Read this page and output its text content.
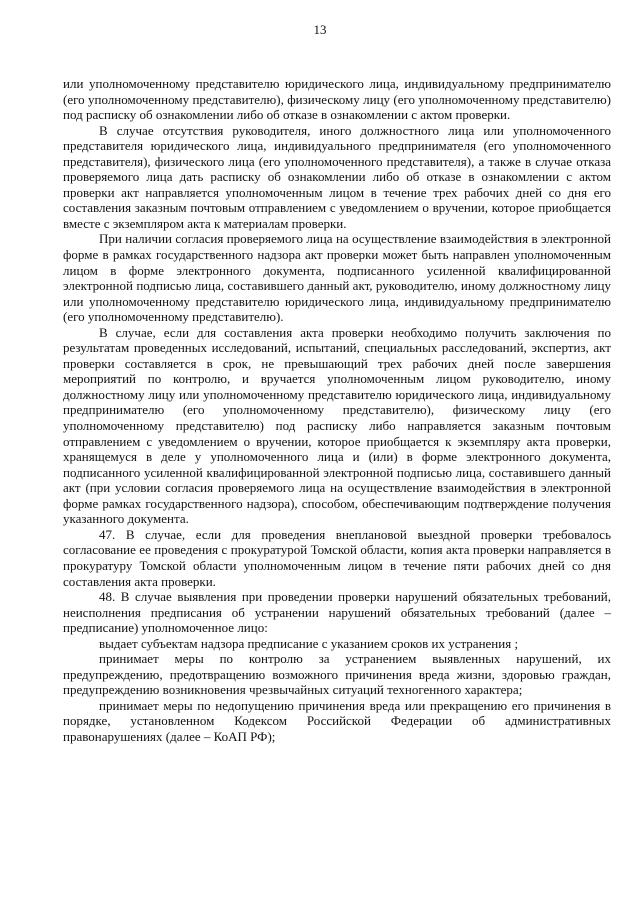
13

или уполномоченному представителю юридического лица, индивидуальному предпринимателю (его уполномоченному представителю), физическому лицу (его уполномоченному представителю) под расписку об ознакомлении либо об отказе в ознакомлении с актом проверки.

В случае отсутствия руководителя, иного должностного лица или уполномоченного представителя юридического лица, индивидуального предпринимателя (его уполномоченного представителя), физического лица (его уполномоченного представителя), а также в случае отказа проверяемого лица дать расписку об ознакомлении либо об отказе в ознакомлении с актом проверки акт направляется уполномоченным лицом в течение трех рабочих дней со дня его составления заказным почтовым отправлением с уведомлением о вручении, которое приобщается вместе с экземпляром акта к материалам проверки.

При наличии согласия проверяемого лица на осуществление взаимодействия в электронной форме в рамках государственного надзора акт проверки может быть направлен уполномоченным лицом в форме электронного документа, подписанного усиленной квалифицированной электронной подписью лица, составившего данный акт, руководителю, иному должностному лицу или уполномоченному представителю юридического лица, индивидуальному предпринимателю (его уполномоченному представителю).

В случае, если для составления акта проверки необходимо получить заключения по результатам проведенных исследований, испытаний, специальных расследований, экспертиз, акт проверки составляется в срок, не превышающий трех рабочих дней после завершения мероприятий по контролю, и вручается уполномоченным лицом руководителю, иному должностному лицу или уполномоченному представителю юридического лица, индивидуальному предпринимателю (его уполномоченному представителю), физическому лицу (его уполномоченному представителю) под расписку либо направляется заказным почтовым отправлением с уведомлением о вручении, которое приобщается к экземпляру акта проверки, хранящемуся в деле у уполномоченного лица и (или) в форме электронного документа, подписанного усиленной квалифицированной электронной подписью лица, составившего данный акт (при условии согласия проверяемого лица на осуществление взаимодействия в электронной форме рамках государственного надзора), способом, обеспечивающим подтверждение получения указанного документа.

47. В случае, если для проведения внеплановой выездной проверки требовалось согласование ее проведения с прокуратурой Томской области, копия акта проверки направляется в прокуратуру Томской области уполномоченным лицом в течение пяти рабочих дней со дня составления акта проверки.

48. В случае выявления при проведении проверки нарушений обязательных требований, неисполнения предписания об устранении нарушений обязательных требований (далее – предписание) уполномоченное лицо:

выдает субъектам надзора предписание с указанием сроков их устранения ;

принимает меры по контролю за устранением выявленных нарушений, их предупреждению, предотвращению возможного причинения вреда жизни, здоровью граждан, предупреждению возникновения чрезвычайных ситуаций техногенного характера;

принимает меры по недопущению причинения вреда или прекращению его причинения в порядке, установленном Кодексом Российской Федерации об административных правонарушениях (далее – КоАП РФ);
